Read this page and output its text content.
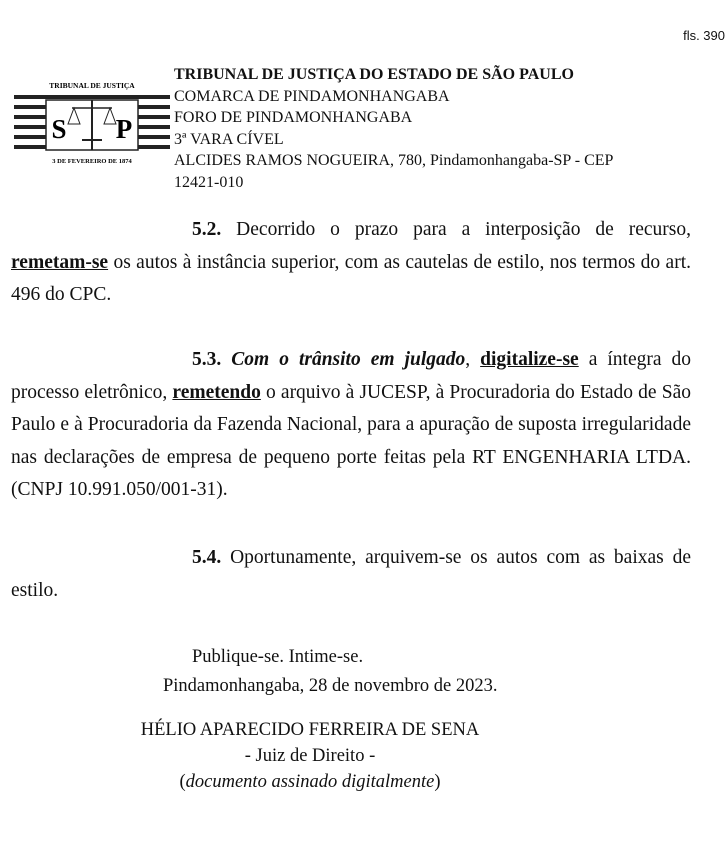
fls. 390
TRIBUNAL DE JUSTIÇA
S P
3 DE FEVEREIRO DE 1874
TRIBUNAL DE JUSTIÇA DO ESTADO DE SÃO PAULO
COMARCA DE PINDAMONHANGABA
FORO DE PINDAMONHANGABA
3ª VARA CÍVEL
ALCIDES RAMOS NOGUEIRA, 780, Pindamonhangaba-SP - CEP
12421-010
5.2. Decorrido o prazo para a interposição de recurso, remetam-se os autos à instância superior, com as cautelas de estilo, nos termos do art. 496 do CPC.
5.3. Com o trânsito em julgado, digitalize-se a íntegra do processo eletrônico, remetendo o arquivo à JUCESP, à Procuradoria do Estado de São Paulo e à Procuradoria da Fazenda Nacional, para a apuração de suposta irregularidade nas declarações de empresa de pequeno porte feitas pela RT ENGENHARIA LTDA. (CNPJ 10.991.050/001-31).
5.4. Oportunamente, arquivem-se os autos com as baixas de estilo.
Publique-se. Intime-se.
Pindamonhangaba, 28 de novembro de 2023.
HÉLIO APARECIDO FERREIRA DE SENA
- Juiz de Direito -
(documento assinado digitalmente)
